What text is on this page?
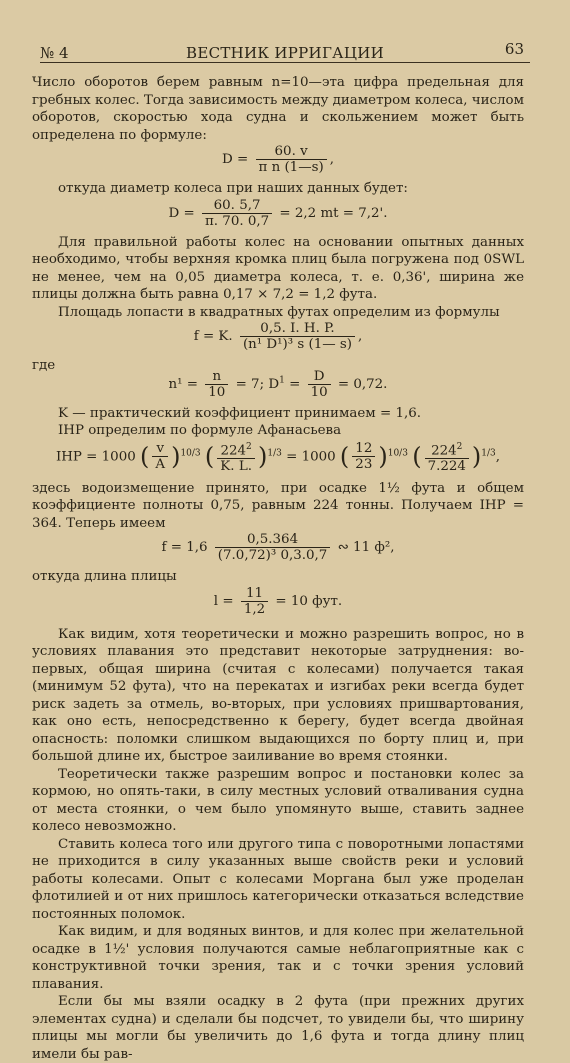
№ 4	ВЕСТНИК ИРРИГАЦИИ	63

Число оборотов берем равным n=10—эта цифра предельная для гребных колес. Тогда зависимость между диаметром колеса, числом оборотов, скоростью хода судна и скольжением может быть определена по формуле:

$D = \frac{60. v}{\text{π n (1—s)}}$ ,

откуда диаметр колеса при наших данных будет:

$D = \frac{60. 5,7}{\pi. 70. 0,7} = 2,2$ mt = 7,2'.

Для правильной работы колес на основании опытных данных необходимо, чтобы верхняя кромка плиц была погружена под 0SWL не менее, чем на 0,05 диаметра колеса, т. е. 0,36', ширина же плицы должна быть равна 0,17 × 7,2 = 1,2 фута.

Площадь лопасти в квадратных футах определим из формулы

f = K. $\frac{0,5. I. H. P.}{\text{(n¹ D¹)³ s (1— s)}}$ ,

где

$n^1 = \frac{n}{10} = 7$; $D^1 = \frac{D}{10} = 0,72$.

K — практический коэффициент принимаем = 1,6.

IHP определим по формуле Афанасьева

IHP = 1000 ( $\frac{v}{A} )^{10/3}$ ( $\frac{224^2}{K. L.} )^{1/3} = 1000$ ( $\frac{12}{23} )^{10/3}$ ( $\frac{224^2}{7.224} )^{1/3}$,

здесь водоизмещение принято, при осадке 1½ фута и общем коэффициенте полноты 0,75, равным 224 тонны. Получаем IHP = 364. Теперь имеем

$f = 1,6 \frac{0,5.364}{\text{(7.0,72)³ 0,3.0,7}}$ ∾ 11 ф²,

откуда длина плицы

$l = \frac{11}{1,2} = 10$ фут.

Как видим, хотя теоретически и можно разрешить вопрос, но в условиях плавания это представит некоторые затруднения: во-первых, общая ширина (считая с колесами) получается такая (минимум 52 фута), что на перекатах и изгибах реки всегда будет риск задеть за отмель, во-вторых, при условиях пришвартования, как оно есть, непосредственно к берегу, будет всегда двойная опасность: поломки слишком выдающихся по борту плиц и, при большой длине их, быстрое заиливание во время стоянки.

Теоретически также разрешим вопрос и постановки колес за кормою, но опять-таки, в силу местных условий отваливания судна от места стоянки, о чем было упомянуто выше, ставить заднее колесо невозможно.

Ставить колеса того или другого типа с поворотными лопастями не приходится в силу указанных выше свойств реки и условий работы колесами. Опыт с колесами Моргана был уже проделан флотилией и от них пришлось категорически отказаться вследствие постоянных поломок.

Как видим, и для водяных винтов, и для колес при желательной осадке в 1½' условия получаются самые неблагоприятные как с конструктивной точки зрения, так и с точки зрения условий плавания.

Если бы мы взяли осадку в 2 фута (при прежних других элементах судна) и сделали бы подсчет, то увидели бы, что ширину плицы мы могли бы увеличить до 1,6 фута и тогда длину плиц имели бы рав-
